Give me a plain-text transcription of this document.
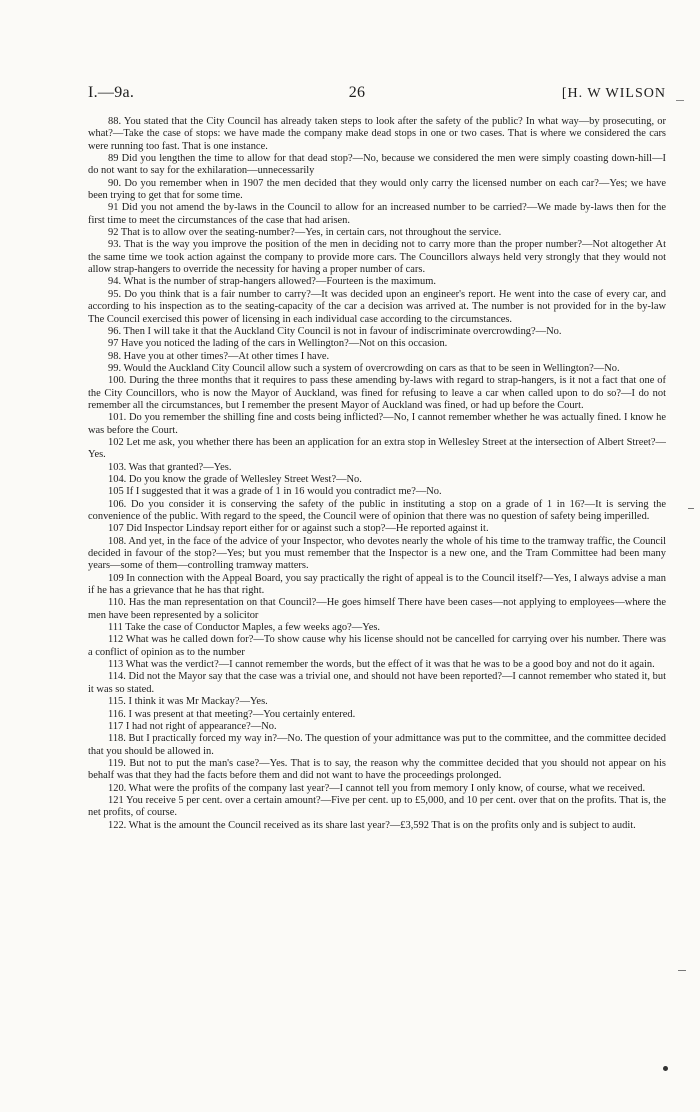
I.—9a.	26	[H. W WILSON

88. You stated that the City Council has already taken steps to look after the safety of the public? In what way—by prosecuting, or what?—Take the case of stops: we have made the company make dead stops in one or two cases. That is where we considered the cars were running too fast. That is one instance.

89 Did you lengthen the time to allow for that dead stop?—No, because we considered the men were simply coasting down-hill—I do not want to say for the exhilaration—unnecessarily

90. Do you remember when in 1907 the men decided that they would only carry the licensed number on each car?—Yes; we have been trying to get that for some time.

91 Did you not amend the by-laws in the Council to allow for an increased number to be carried?—We made by-laws then for the first time to meet the circumstances of the case that had arisen.

92 That is to allow over the seating-number?—Yes, in certain cars, not throughout the service.

93. That is the way you improve the position of the men in deciding not to carry more than the proper number?—Not altogether At the same time we took action against the company to provide more cars. The Councillors always held very strongly that they would not allow strap-hangers to override the necessity for having a proper number of cars.

94. What is the number of strap-hangers allowed?—Fourteen is the maximum.

95. Do you think that is a fair number to carry?—It was decided upon an engineer's report. He went into the case of every car, and according to his inspection as to the seating-capacity of the car a decision was arrived at. The number is not provided for in the by-law The Council exercised this power of licensing in each individual case according to the circumstances.

96. Then I will take it that the Auckland City Council is not in favour of indiscriminate overcrowding?—No.

97 Have you noticed the lading of the cars in Wellington?—Not on this occasion.

98. Have you at other times?—At other times I have.

99. Would the Auckland City Council allow such a system of overcrowding on cars as that to be seen in Wellington?—No.

100. During the three months that it requires to pass these amending by-laws with regard to strap-hangers, is it not a fact that one of the City Councillors, who is now the Mayor of Auckland, was fined for refusing to leave a car when called upon to do so?—I do not remember all the circumstances, but I remember the present Mayor of Auckland was fined, or had up before the Court.

101. Do you remember the shilling fine and costs being inflicted?—No, I cannot remember whether he was actually fined. I know he was before the Court.

102 Let me ask, you whether there has been an application for an extra stop in Wellesley Street at the intersection of Albert Street?—Yes.

103. Was that granted?—Yes.

104. Do you know the grade of Wellesley Street West?—No.

105 If I suggested that it was a grade of 1 in 16 would you contradict me?—No.

106. Do you consider it is conserving the safety of the public in instituting a stop on a grade of 1 in 16?—It is serving the convenience of the public. With regard to the speed, the Council were of opinion that there was no question of safety being imperilled.

107 Did Inspector Lindsay report either for or against such a stop?—He reported against it.

108. And yet, in the face of the advice of your Inspector, who devotes nearly the whole of his time to the tramway traffic, the Council decided in favour of the stop?—Yes; but you must remember that the Inspector is a new one, and the Tram Committee had been many years—some of them—controlling tramway matters.

109 In connection with the Appeal Board, you say practically the right of appeal is to the Council itself?—Yes, I always advise a man if he has a grievance that he has that right.

110. Has the man representation on that Council?—He goes himself There have been cases—not applying to employees—where the men have been represented by a solicitor

111 Take the case of Conductor Maples, a few weeks ago?—Yes.

112 What was he called down for?—To show cause why his license should not be cancelled for carrying over his number. There was a conflict of opinion as to the number

113 What was the verdict?—I cannot remember the words, but the effect of it was that he was to be a good boy and not do it again.

114. Did not the Mayor say that the case was a trivial one, and should not have been reported?—I cannot remember who stated it, but it was so stated.

115. I think it was Mr Mackay?—Yes.

116. I was present at that meeting?—You certainly entered.

117 I had not right of appearance?—No.

118. But I practically forced my way in?—No. The question of your admittance was put to the committee, and the committee decided that you should be allowed in.

119. But not to put the man's case?—Yes. That is to say, the reason why the committee decided that you should not appear on his behalf was that they had the facts before them and did not want to have the proceedings prolonged.

120. What were the profits of the company last year?—I cannot tell you from memory I only know, of course, what we received.

121 You receive 5 per cent. over a certain amount?—Five per cent. up to £5,000, and 10 per cent. over that on the profits. That is, the net profits, of course.

122. What is the amount the Council received as its share last year?—£3,592 That is on the profits only and is subject to audit.
